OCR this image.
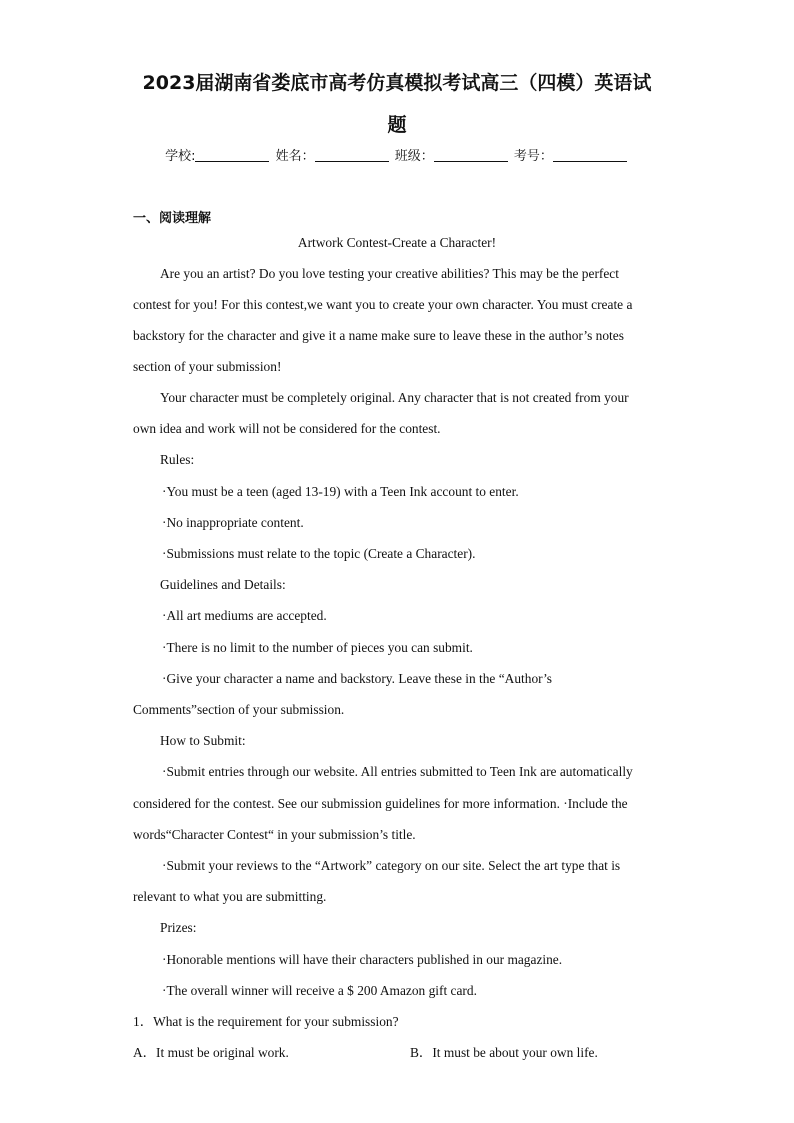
2023届湖南省娄底市高考仿真模拟考试高三（四模）英语试
题
学校:	姓名：	班级：	考号：
一、阅读理解
Artwork Contest-Create a Character!
Are you an artist? Do you love testing your creative abilities? This may be the perfect
contest for you! For this contest,we want you to create your own character. You must create a
backstory for the character and give it a name make sure to leave these in the author’s notes
section of your submission!
Your character must be completely original. Any character that is not created from your
own idea and work will not be considered for the contest.
Rules:
·You must be a teen (aged 13-19) with a Teen Ink account to enter.
·No inappropriate content.
·Submissions must relate to the topic (Create a Character).
Guidelines and Details:
·All art mediums are accepted.
·There is no limit to the number of pieces you can submit.
·Give your character a name and backstory. Leave these in the “Author’s
Comments”section of your submission.
How to Submit:
·Submit entries through our website. All entries submitted to Teen Ink are automatically
considered for the contest. See our submission guidelines for more information. ·Include the
words“Character Contest“ in your submission’s title.
·Submit your reviews to the “Artwork” category on our site. Select the art type that is
relevant to what you are submitting.
Prizes:
·Honorable mentions will have their characters published in our magazine.
·The overall winner will receive a $ 200 Amazon gift card.
1．What is the requirement for your submission?
A．It must be original work.	B．It must be about your own life.
